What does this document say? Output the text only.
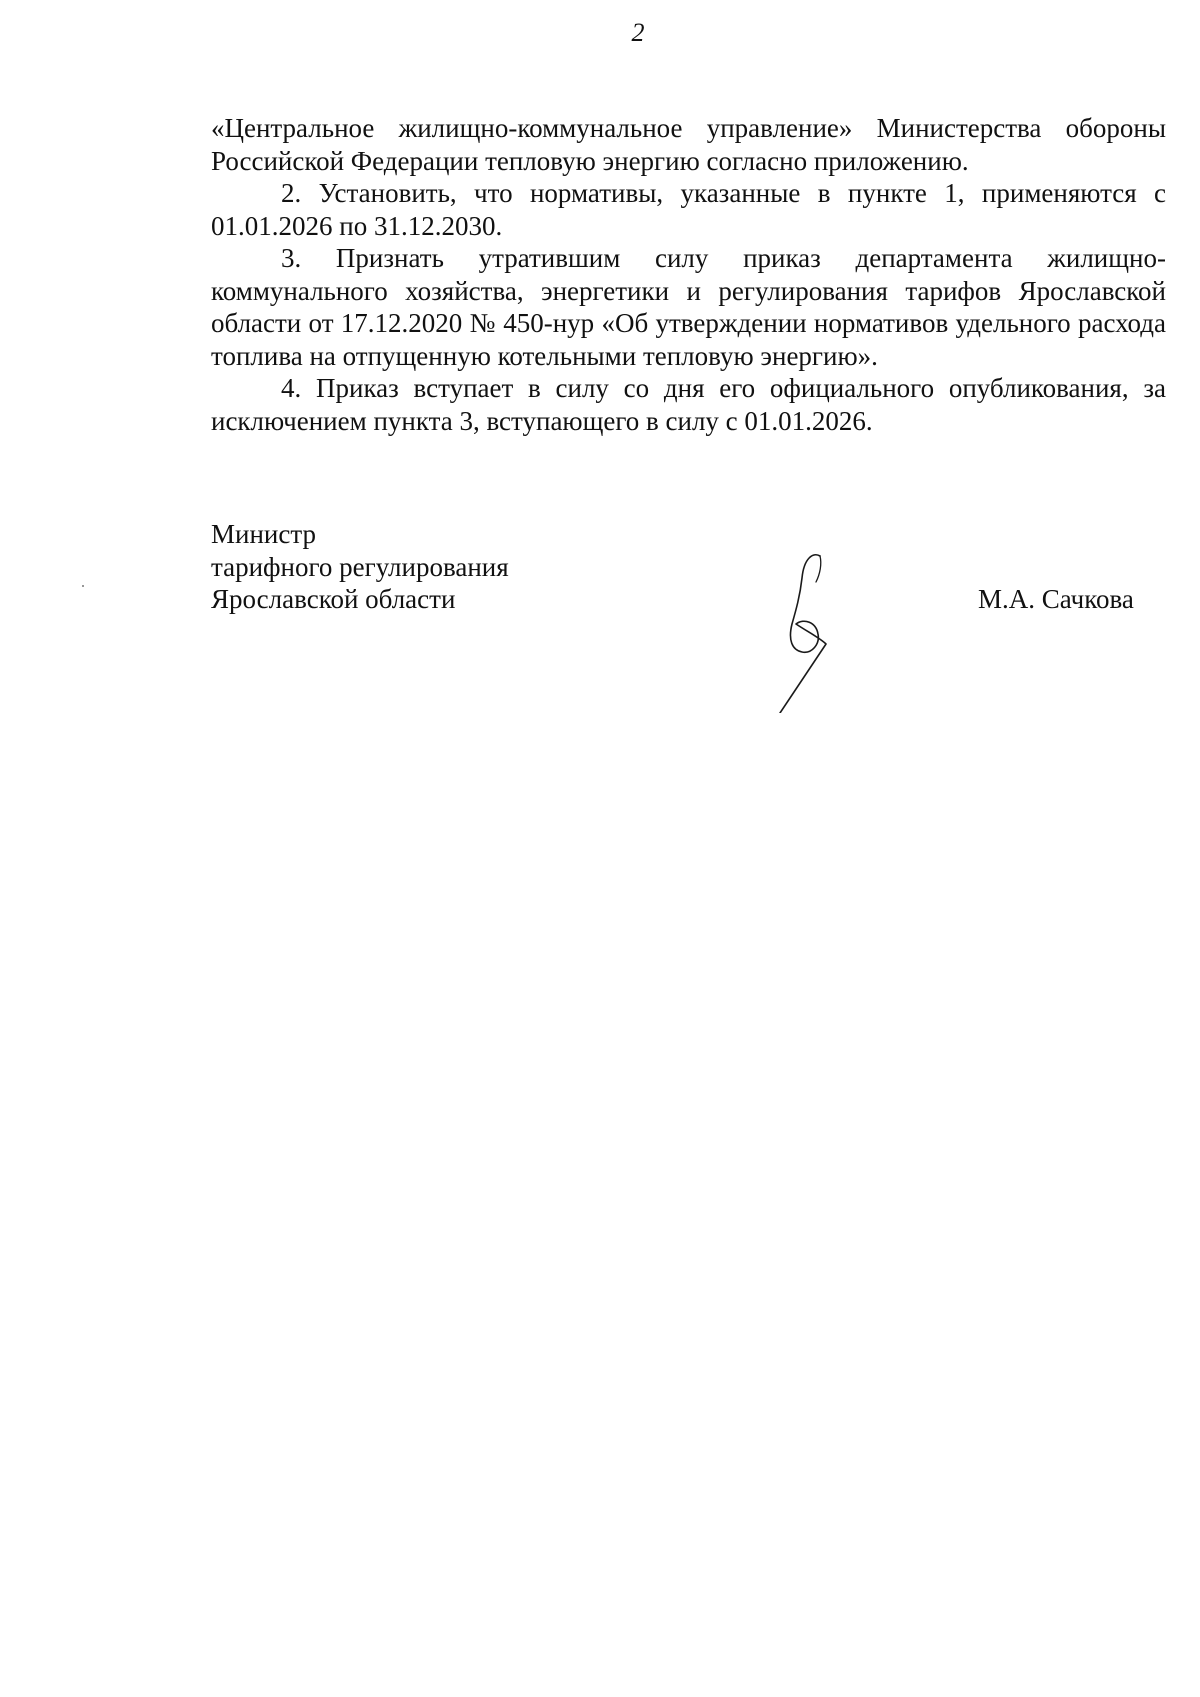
2

«Центральное жилищно-коммунальное управление» Министерства обороны Российской Федерации тепловую энергию согласно приложению.

2. Установить, что нормативы, указанные в пункте 1, применяются с 01.01.2026 по 31.12.2030.

3. Признать утратившим силу приказ департамента жилищно-коммунального хозяйства, энергетики и регулирования тарифов Ярославской области от 17.12.2020 № 450-нур «Об утверждении нормативов удельного расхода топлива на отпущенную котельными тепловую энергию».

4. Приказ вступает в силу со дня его официального опубликования, за исключением пункта 3, вступающего в силу с 01.01.2026.

Министр
тарифного регулирования
Ярославской области	М.А. Сачкова
